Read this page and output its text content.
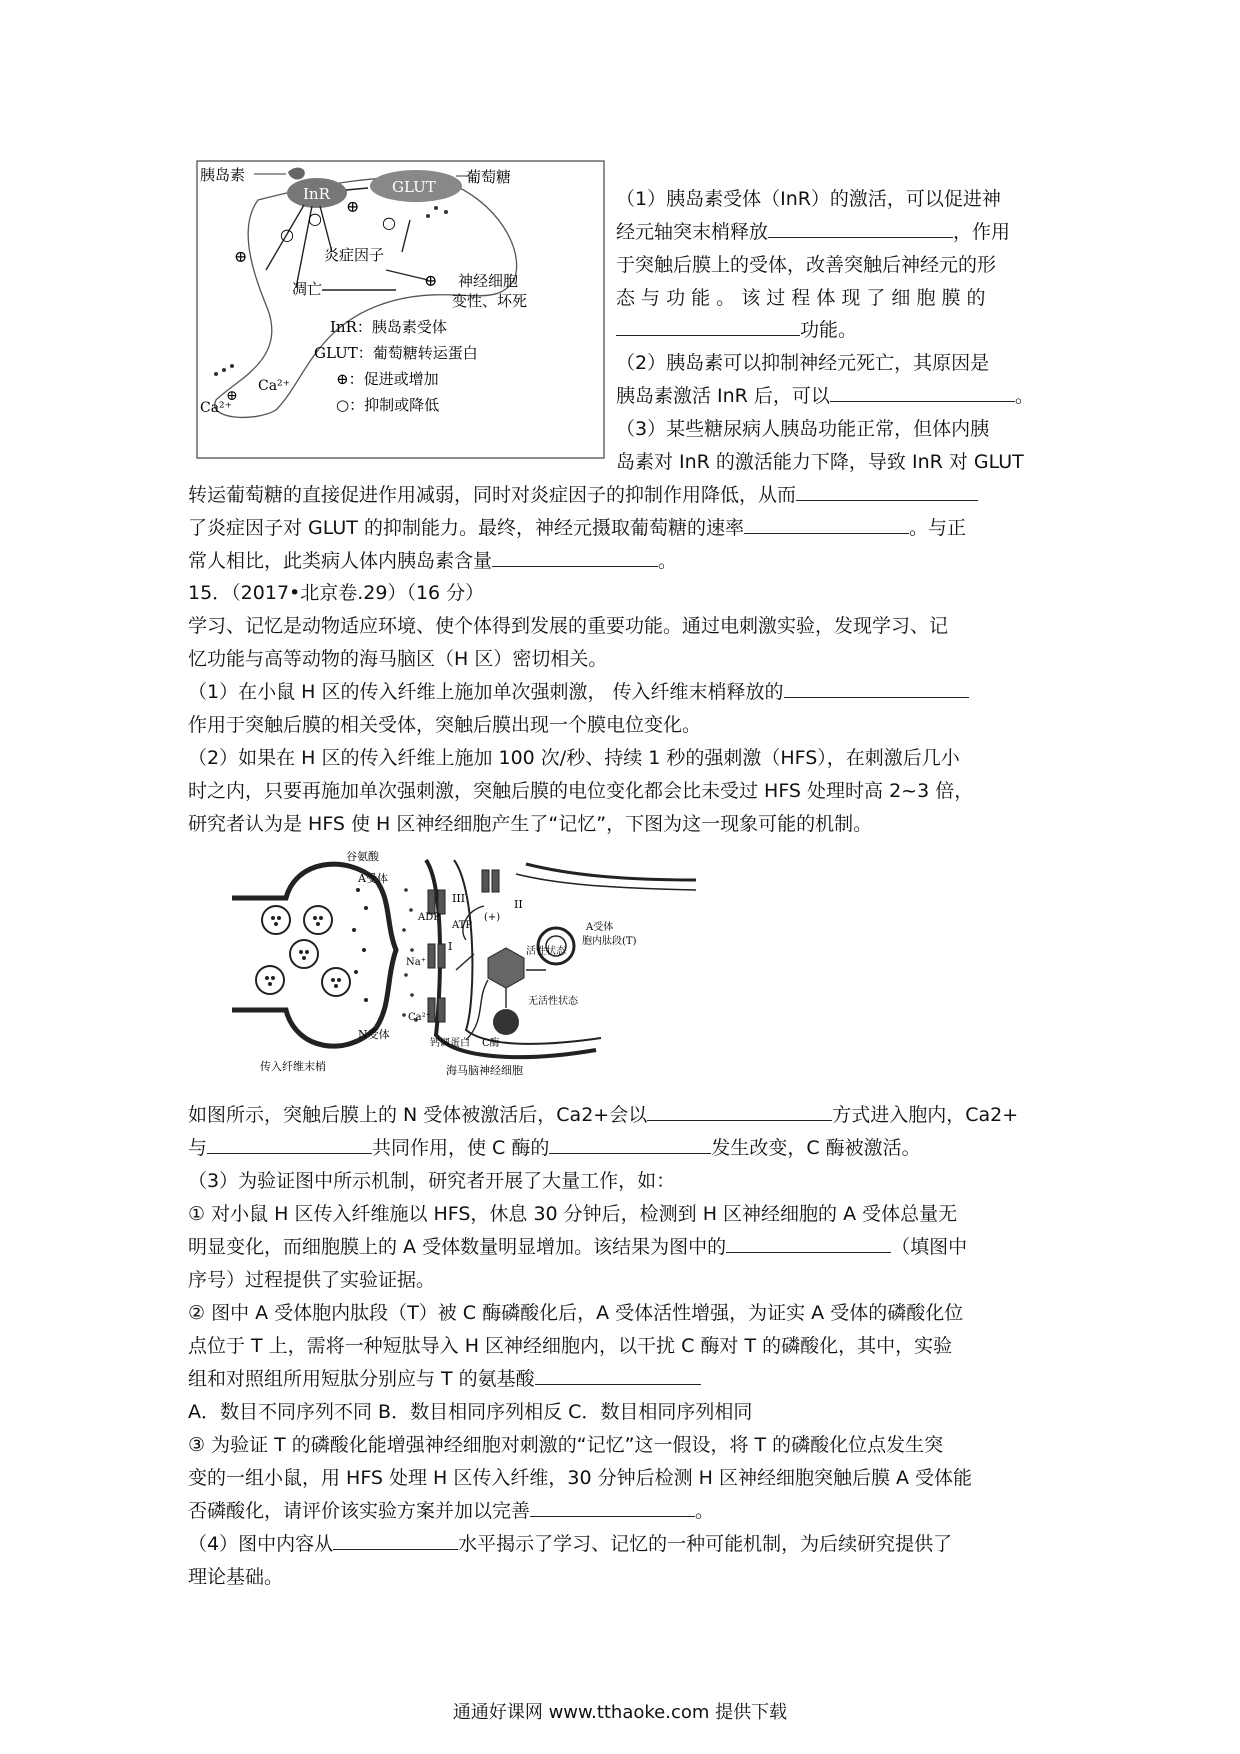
InR
胰岛素
GLUT
葡萄糖
⊕
○
○
⊕	炎症因子
○
凋亡	⊕ 神经细胞
变性、坏死
InR：胰岛素受体
GLUT：葡萄糖转运蛋白
⊕：促进或增加
○：抑制或降低
Ca²⁺
Ca²⁺
⊕
（1）胰岛素受体（InR）的激活，可以促进神
经元轴突末梢释放	，作用
于突触后膜上的受体，改善突触后神经元的形
态 与 功 能 。 该 过 程 体 现 了 细 胞 膜 的
功能。
（2）胰岛素可以抑制神经元死亡，其原因是
胰岛素激活 InR 后，可以	。
（3）某些糖尿病人胰岛功能正常，但体内胰
岛素对 InR 的激活能力下降，导致 InR 对 GLUT
转运葡萄糖的直接促进作用减弱，同时对炎症因子的抑制作用降低，从而
了炎症因子对 GLUT 的抑制能力。最终，神经元摄取葡萄糖的速率	。与正
常人相比，此类病人体内胰岛素含量	。
15．（2017•北京卷.29）（16 分）
学习、记忆是动物适应环境、使个体得到发展的重要功能。通过电刺激实验，发现学习、记
忆功能与高等动物的海马脑区（H 区）密切相关。
（1）在小鼠 H 区的传入纤维上施加单次强刺激， 传入纤维末梢释放的
作用于突触后膜的相关受体，突触后膜出现一个膜电位变化。
（2）如果在 H 区的传入纤维上施加 100 次/秒、持续 1 秒的强刺激（HFS），在刺激后几小
时之内，只要再施加单次强刺激，突触后膜的电位变化都会比未受过 HFS 处理时高 2~3 倍，
研究者认为是 HFS 使 H 区神经细胞产生了“记忆”，下图为这一现象可能的机制。
谷氨酸
A受体
III	II
ADP
ATP
(+)
I
Na⁺
活性状态
无活性状态
Ca²⁺
钙调蛋白 C酶
N受体
A受体
胞内肽段(T)
传入纤维末梢	海马脑神经细胞
如图所示，突触后膜上的 N 受体被激活后，Ca2+会以	方式进入胞内，Ca2+
与	共同作用，使 C 酶的	发生改变，C 酶被激活。
（3）为验证图中所示机制，研究者开展了大量工作，如：
① 对小鼠 H 区传入纤维施以 HFS，休息 30 分钟后，检测到 H 区神经细胞的 A 受体总量无
明显变化，而细胞膜上的 A 受体数量明显增加。该结果为图中的	（填图中
序号）过程提供了实验证据。
② 图中 A 受体胞内肽段（T）被 C 酶磷酸化后，A 受体活性增强，为证实 A 受体的磷酸化位
点位于 T 上，需将一种短肽导入 H 区神经细胞内，以干扰 C 酶对 T 的磷酸化，其中，实验
组和对照组所用短肽分别应与 T 的氨基酸
A．数目不同序列不同 B．数目相同序列相反 C．数目相同序列相同
③ 为验证 T 的磷酸化能增强神经细胞对刺激的“记忆”这一假设，将 T 的磷酸化位点发生突
变的一组小鼠，用 HFS 处理 H 区传入纤维，30 分钟后检测 H 区神经细胞突触后膜 A 受体能
否磷酸化，请评价该实验方案并加以完善	。
（4）图中内容从	水平揭示了学习、记忆的一种可能机制，为后续研究提供了
理论基础。
通通好课网 www.tthaoke.com 提供下载
